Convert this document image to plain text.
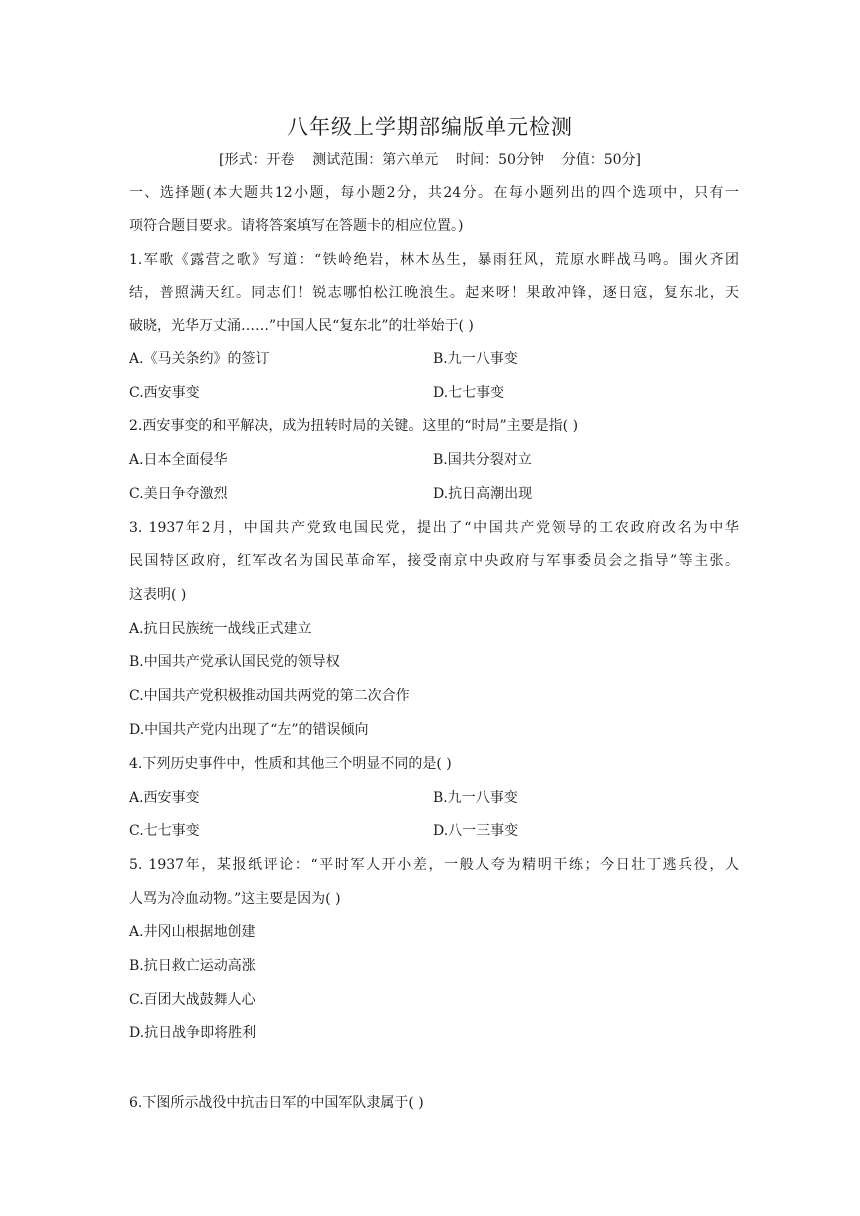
八年级上学期部编版单元检测
[形式：开卷    测试范围：第六单元    时间：50分钟    分值：50分]
一、选择题(本大题共12小题，每小题2分，共24分。在每小题列出的四个选项中，只有一
项符合题目要求。请将答案填写在答题卡的相应位置。)
1.军歌《露营之歌》写道：“铁岭绝岩，林木丛生，暴雨狂风，荒原水畔战马鸣。围火齐团
结，普照满天红。同志们！锐志哪怕松江晚浪生。起来呀！果敢冲锋，逐日寇，复东北，天
破晓，光华万丈涌……”中国人民“复东北”的壮举始于( )
A.《马关条约》的签订	B.九一八事变
C.西安事变	D.七七事变
2.西安事变的和平解决，成为扭转时局的关键。这里的“时局”主要是指( )
A.日本全面侵华	B.国共分裂对立
C.美日争夺激烈	D.抗日高潮出现
3. 1937年2月，中国共产党致电国民党，提出了“中国共产党领导的工农政府改名为中华
民国特区政府，红军改名为国民革命军，接受南京中央政府与军事委员会之指导”等主张。
这表明( )
A.抗日民族统一战线正式建立
B.中国共产党承认国民党的领导权
C.中国共产党积极推动国共两党的第二次合作
D.中国共产党内出现了“左”的错误倾向
4.下列历史事件中，性质和其他三个明显不同的是( )
A.西安事变	B.九一八事变
C.七七事变	D.八一三事变
5. 1937年，某报纸评论：“平时军人开小差，一般人夸为精明干练；今日壮丁逃兵役，人
人骂为冷血动物。”这主要是因为( )
A.井冈山根据地创建
B.抗日救亡运动高涨
C.百团大战鼓舞人心
D.抗日战争即将胜利
6.下图所示战役中抗击日军的中国军队隶属于( )
